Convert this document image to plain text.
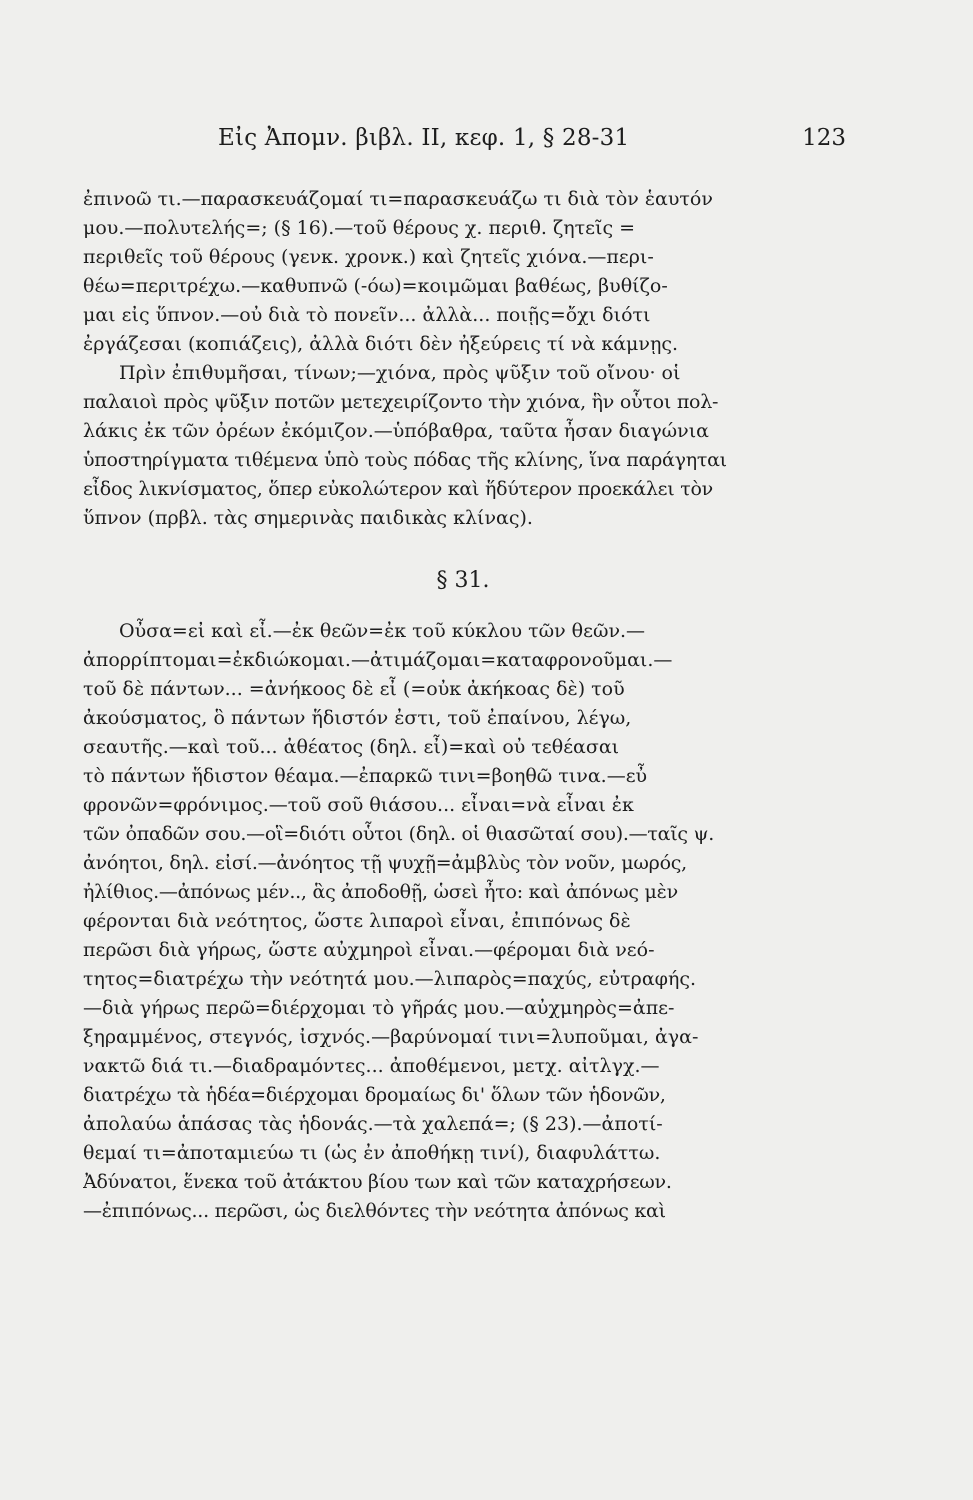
Εἰς Ἀπομν. βιβλ. II, κεφ. 1, § 28-31	123
ἐπινοῶ τι.—παρασκευάζομαί τι=παρασκευάζω τι διὰ τὸν ἑαυτόν
μου.—πολυτελής=; (§ 16).—τοῦ θέρους χ. περιθ. ζητεῖς =
περιθεῖς τοῦ θέρους (γενκ. χρονκ.) καὶ ζητεῖς χιόνα.—περι-
θέω=περιτρέχω.—καθυπνῶ (-όω)=κοιμῶμαι βαθέως, βυθίζο-
μαι εἰς ὕπνον.—οὐ διὰ τὸ πονεῖν... ἀλλὰ... ποιῇς=ὄχι διότι
ἐργάζεσαι (κοπιάζεις), ἀλλὰ διότι δὲν ἠξεύρεις τί νὰ κάμνῃς.
Πρὶν ἐπιθυμῆσαι, τίνων;—χιόνα, πρὸς ψῦξιν τοῦ οἴνου· οἱ
παλαιοὶ πρὸς ψῦξιν ποτῶν μετεχειρίζοντο τὴν χιόνα, ἣν οὗτοι πολ-
λάκις ἐκ τῶν ὀρέων ἐκόμιζον.—ὑπόβαθρα, ταῦτα ἦσαν διαγώνια
ὑποστηρίγματα τιθέμενα ὑπὸ τοὺς πόδας τῆς κλίνης, ἵνα παράγηται
εἶδος λικνίσματος, ὅπερ εὐκολώτερον καὶ ἥδύτερον προεκάλει τὸν
ὕπνον (πρβλ. τὰς σημερινὰς παιδικὰς κλίνας).
§ 31.
Οὖσα=εἰ καὶ εἶ.—ἐκ θεῶν=ἐκ τοῦ κύκλου τῶν θεῶν.—
ἀπορρίπτομαι=ἐκδιώκομαι.—ἀτιμάζομαι=καταφρονοῦμαι.—
τοῦ δὲ πάντων... =ἀνήκοος δὲ εἶ (=οὐκ ἀκήκοας δὲ) τοῦ
ἀκούσματος, ὃ πάντων ἥδιστόν ἐστι, τοῦ ἐπαίνου, λέγω,
σεαυτῆς.—καὶ τοῦ... ἀθέατος (δηλ. εἶ)=καὶ οὐ τεθέασαι
τὸ πάντων ἥδιστον θέαμα.—ἐπαρκῶ τινι=βοηθῶ τινα.—εὖ
φρονῶν=φρόνιμος.—τοῦ σοῦ θιάσου... εἶναι=νὰ εἶναι ἐκ
τῶν ὀπαδῶν σου.—οἳ=διότι οὗτοι (δηλ. οἱ θιασῶταί σου).—ταῖς ψ.
ἀνόητοι, δηλ. εἰσί.—ἀνόητος τῇ ψυχῇ=ἀμβλὺς τὸν νοῦν, μωρός,
ἠλίθιος.—ἀπόνως μέν.., ἃς ἀποδοθῇ, ὡσεὶ ἦτο: καὶ ἀπόνως μὲν
φέρονται διὰ νεότητος, ὥστε λιπαροὶ εἶναι, ἐπιπόνως δὲ
περῶσι διὰ γήρως, ὥστε αὐχμηροὶ εἶναι.—φέρομαι διὰ νεό-
τητος=διατρέχω τὴν νεότητά μου.—λιπαρὸς=παχύς, εὐτραφής.
—διὰ γήρως περῶ=διέρχομαι τὸ γῆράς μου.—αὐχμηρὸς=ἀπε-
ξηραμμένος, στεγνός, ἰσχνός.—βαρύνομαί τινι=λυποῦμαι, ἀγα-
νακτῶ διά τι.—διαδραμόντες... ἀποθέμενοι, μετχ. αἰτλγχ.—
διατρέχω τὰ ἡδέα=διέρχομαι δρομαίως δι' ὅλων τῶν ἡδονῶν,
ἀπολαύω ἁπάσας τὰς ἡδονάς.—τὰ χαλεπά=; (§ 23).—ἀποτί-
θεμαί τι=ἀποταμιεύω τι (ὡς ἐν ἀποθήκῃ τινί), διαφυλάττω.
Ἀδύνατοι, ἕνεκα τοῦ ἀτάκτου βίου των καὶ τῶν καταχρήσεων.
—ἐπιπόνως... περῶσι, ὡς διελθόντες τὴν νεότητα ἀπόνως καὶ
